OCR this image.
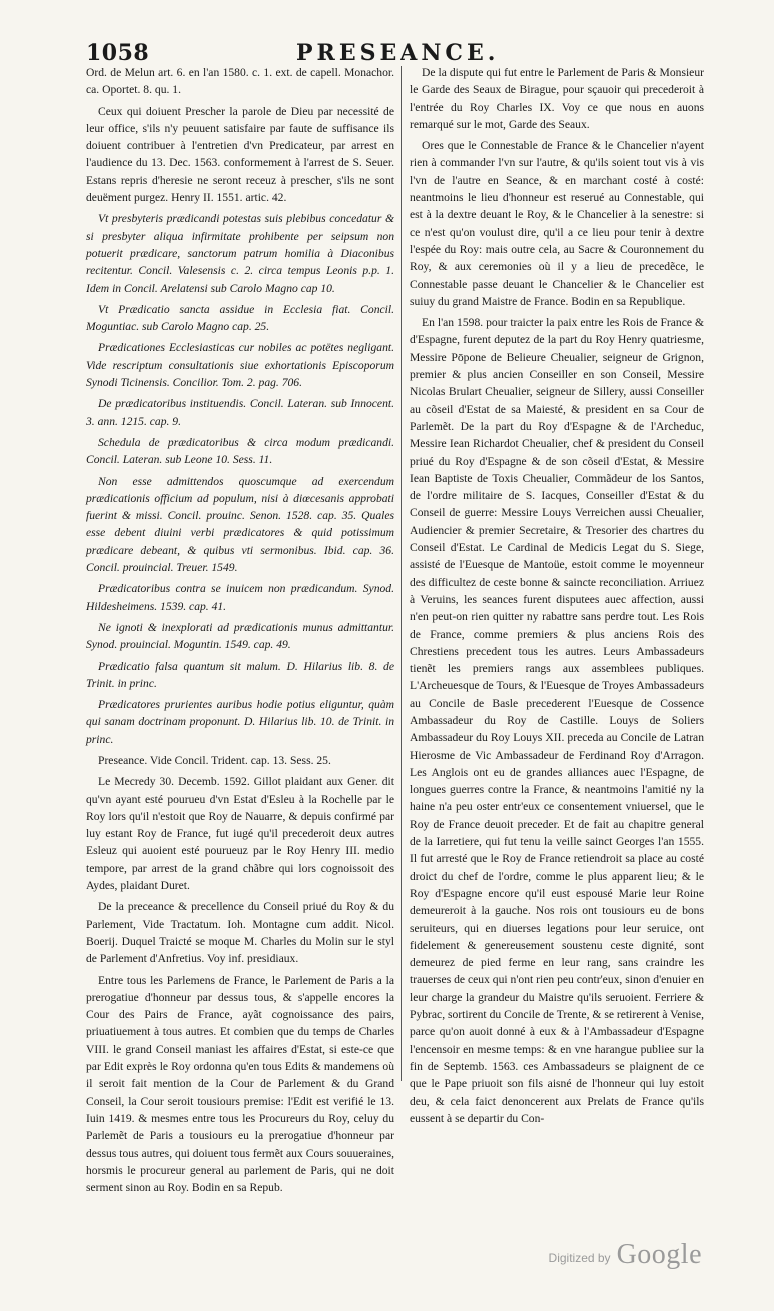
1058	PRESEANCE.

Ord. de Melun art. 6. en l'an 1580. c. 1. ext. de capell. Monachor. ca. Oportet. 8. qu. 1.

Ceux qui doiuent Prescher la parole de Dieu par necessité de leur office, s'ils n'y peuuent satisfaire par faute de suffisance ils doiuent contribuer à l'entretien d'vn Predicateur, par arrest en l'audience du 13. Dec. 1563. conformement à l'arrest de S. Seuer. Estans repris d'heresie ne seront receuz à prescher, s'ils ne sont deuëment purgez. Henry II. 1551. artic. 42.

Vt presbyteris prædicandi potestas suis plebibus concedatur & si presbyter aliqua infirmitate prohibente per seipsum non potuerit prædicare, sanctorum patrum homilia à Diaconibus recitentur. Concil. Valesensis c. 2. circa tempus Leonis p.p. 1. Idem in Concil. Arelatensi sub Carolo Magno cap 10.

Vt Prædicatio sancta assidue in Ecclesia fiat. Concil. Moguntiac. sub Carolo Magno cap. 25.

Prædicationes Ecclesiasticas cur nobiles ac potëtes negligant. Vide rescriptum consultationis siue exhortationis Episcoporum Synodi Ticinensis. Concilior. Tom. 2. pag. 706.

De prædicatoribus instituendis. Concil. Lateran. sub Innocent. 3. ann. 1215. cap. 9.

Schedula de prædicatoribus & circa modum prædicandi. Concil. Lateran. sub Leone 10. Sess. 11.

Non esse admittendos quoscumque ad exercendum prædicationis officium ad populum, nisi à diœcesanis approbati fuerint & missi. Concil. prouinc. Senon. 1528. cap. 35. Quales esse debent diuini verbi prædicatores & quid potissimum prædicare debeant, & quibus vti sermonibus. Ibid. cap. 36. Concil. prouincial. Treuer. 1549.

Prædicatoribus contra se inuicem non prædicandum. Synod. Hildesheimens. 1539. cap. 41.

Ne ignoti & inexplorati ad prædicationis munus admittantur. Synod. prouincial. Moguntin. 1549. cap. 49.

Prædicatio falsa quantum sit malum. D. Hilarius lib. 8. de Trinit. in princ.

Prædicatores prurientes auribus hodie potius eliguntur, quàm qui sanam doctrinam proponunt. D. Hilarius lib. 10. de Trinit. in princ.

Preseance. Vide Concil. Trident. cap. 13. Sess. 25.

Le Mecredy 30. Decemb. 1592. Gillot plaidant aux Gener. dit qu'vn ayant esté pourueu d'vn Estat d'Esleu à la Rochelle par le Roy lors qu'il n'estoit que Roy de Nauarre, & depuis confirmé par luy estant Roy de France, fut iugé qu'il precederoit deux autres Esleuz qui auoient esté pourueuz par le Roy Henry III. medio tempore, par arrest de la grand chãbre qui lors cognoissoit des Aydes, plaidant Duret.

De la preceance & precellence du Conseil priué du Roy & du Parlement, Vide Tractatum. Ioh. Montagne cum addit. Nicol. Boerij. Duquel Traicté se moque M. Charles du Molin sur le styl de Parlement d'Anfretius. Voy inf. presidiaux.

Entre tous les Parlemens de France, le Parlement de Paris a la prerogatiue d'honneur par dessus tous, & s'appelle encores la Cour des Pairs de France, ayãt cognoissance des pairs, priuatiuement à tous autres. Et combien que du temps de Charles VIII. le grand Conseil maniast les affaires d'Estat, si este-ce que par Edit exprès le Roy ordonna qu'en tous Edits & mandemens où il seroit fait mention de la Cour de Parlement & du Grand Conseil, la Cour seroit tousiours premise: l'Edit est verifié le 13. Iuin 1419. & mesmes entre tous les Procureurs du Roy, celuy du Parlemẽt de Paris a tousiours eu la prerogatiue d'honneur par dessus tous autres, qui doiuent tous fermẽt aux Cours souueraines, horsmis le procureur general au parlement de Paris, qui ne doit serment sinon au Roy. Bodin en sa Repub.

De la dispute qui fut entre le Parlement de Paris & Monsieur le Garde des Seaux de Birague, pour sçauoir qui precederoit à l'entrée du Roy Charles IX. Voy ce que nous en auons remarqué sur le mot, Garde des Seaux.

Ores que le Connestable de France & le Chancelier n'ayent rien à commander l'vn sur l'autre, & qu'ils soient tout vis à vis l'vn de l'autre en Seance, & en marchant costé à costé: neantmoins le lieu d'honneur est reserué au Connestable, qui est à la dextre deuant le Roy, & le Chancelier à la senestre: si ce n'est qu'on voulust dire, qu'il a ce lieu pour tenir à dextre l'espée du Roy: mais outre cela, au Sacre & Couronnement du Roy, & aux ceremonies où il y a lieu de precedẽce, le Connestable passe deuant le Chancelier & le Chancelier est suiuy du grand Maistre de France. Bodin en sa Republique.

En l'an 1598. pour traicter la paix entre les Rois de France & d'Espagne, furent deputez de la part du Roy Henry quatriesme, Messire Pōpone de Belieure Cheualier, seigneur de Grignon, premier & plus ancien Conseiller en son Conseil, Messire Nicolas Brulart Cheualier, seigneur de Sillery, aussi Conseiller au cõseil d'Estat de sa Maiesté, & president en sa Cour de Parlemẽt. De la part du Roy d'Espagne & de l'Archeduc, Messire Iean Richardot Cheualier, chef & president du Conseil priué du Roy d'Espagne & de son cõseil d'Estat, & Messire Iean Baptiste de Toxis Cheualier, Commãdeur de los Santos, de l'ordre militaire de S. Iacques, Conseiller d'Estat & du Conseil de guerre: Messire Louys Verreichen aussi Cheualier, Audiencier & premier Secretaire, & Tresorier des chartres du Conseil d'Estat. Le Cardinal de Medicis Legat du S. Siege, assisté de l'Euesque de Mantoüe, estoit comme le moyenneur des difficultez de ceste bonne & saincte reconciliation. Arriuez à Veruins, les seances furent disputees auec affection, aussi n'en peut-on rien quitter ny rabattre sans perdre tout. Les Rois de France, comme premiers & plus anciens Rois des Chrestiens precedent tous les autres. Leurs Ambassadeurs tienẽt les premiers rangs aux assemblees publiques. L'Archeuesque de Tours, & l'Euesque de Troyes Ambassadeurs au Concile de Basle precederent l'Euesque de Cossence Ambassadeur du Roy de Castille. Louys de Soliers Ambassadeur du Roy Louys XII. preceda au Concile de Latran Hierosme de Vic Ambassadeur de Ferdinand Roy d'Arragon. Les Anglois ont eu de grandes alliances auec l'Espagne, de longues guerres contre la France, & neantmoins l'amitié ny la haine n'a peu oster entr'eux ce consentement vniuersel, que le Roy de France deuoit preceder. Et de fait au chapitre general de la Iarretiere, qui fut tenu la veille sainct Georges l'an 1555. Il fut arresté que le Roy de France retiendroit sa place au costé droict du chef de l'ordre, comme le plus apparent lieu; & le Roy d'Espagne encore qu'il eust espousé Marie leur Roine demeureroit à la gauche. Nos rois ont tousiours eu de bons seruiteurs, qui en diuerses legations pour leur seruice, ont fidelement & genereusement soustenu ceste dignité, sont demeurez de pied ferme en leur rang, sans craindre les trauerses de ceux qui n'ont rien peu contr'eux, sinon d'enuier en leur charge la grandeur du Maistre qu'ils seruoient. Ferriere & Pybrac, sortirent du Concile de Trente, & se retirerent à Venise, parce qu'on auoit donné à eux & à l'Ambassadeur d'Espagne l'encensoir en mesme temps: & en vne harangue publiee sur la fin de Septemb. 1563. ces Ambassadeurs se plaignent de ce que le Pape priuoit son fils aisné de l'honneur qui luy estoit deu, & cela faict denoncerent aux Prelats de France qu'ils eussent à se departir du Con-

Digitized by Google
